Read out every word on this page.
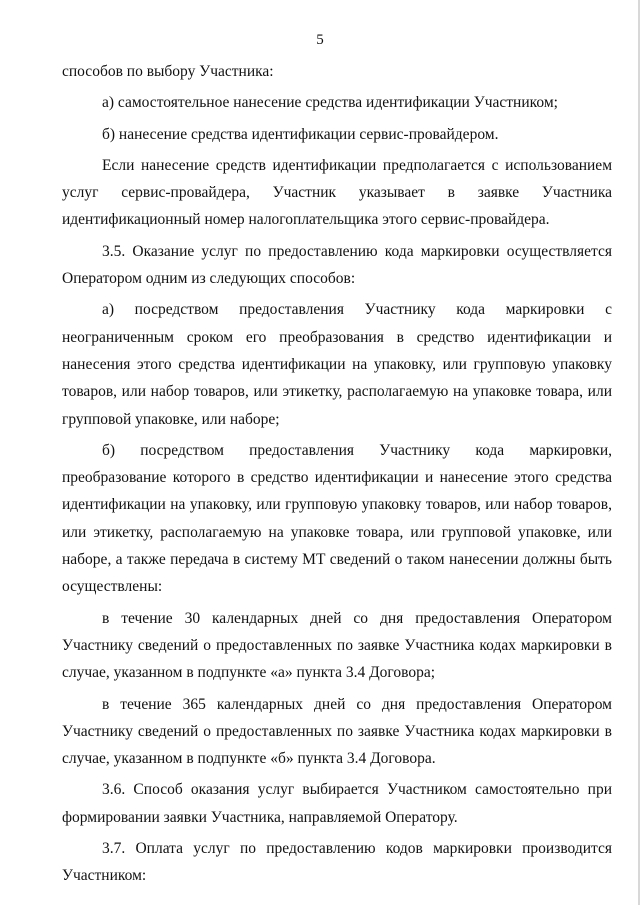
5

способов по выбору Участника:

а) самостоятельное нанесение средства идентификации Участником;

б) нанесение средства идентификации сервис-провайдером.

Если нанесение средств идентификации предполагается с использованием

услуг сервис-провайдера, Участник указывает в заявке Участника

идентификационный номер налогоплательщика этого сервис-провайдера.

3.5. Оказание услуг по предоставлению кода маркировки осуществляется Оператором одним из следующих способов:

а) посредством предоставления Участнику кода маркировки с неограниченным сроком его преобразования в средство идентификации и нанесения этого средства идентификации на упаковку, или групповую упаковку товаров, или набор товаров, или этикетку, располагаемую на упаковке товара, или групповой упаковке, или наборе;

б) посредством предоставления Участнику кода маркировки, преобразование которого в средство идентификации и нанесение этого средства идентификации на упаковку, или групповую упаковку товаров, или набор товаров, или этикетку, располагаемую на упаковке товара, или групповой упаковке, или наборе, а также передача в систему МТ сведений о таком нанесении должны быть осуществлены:

в течение 30 календарных дней со дня предоставления Оператором Участнику сведений о предоставленных по заявке Участника кодах маркировки в случае, указанном в подпункте «а» пункта 3.4 Договора;

в течение 365 календарных дней со дня предоставления Оператором Участнику сведений о предоставленных по заявке Участника кодах маркировки в случае, указанном в подпункте «б» пункта 3.4 Договора.

3.6. Способ оказания услуг выбирается Участником самостоятельно при формировании заявки Участника, направляемой Оператору.

3.7. Оплата услуг по предоставлению кодов маркировки производится Участником:
